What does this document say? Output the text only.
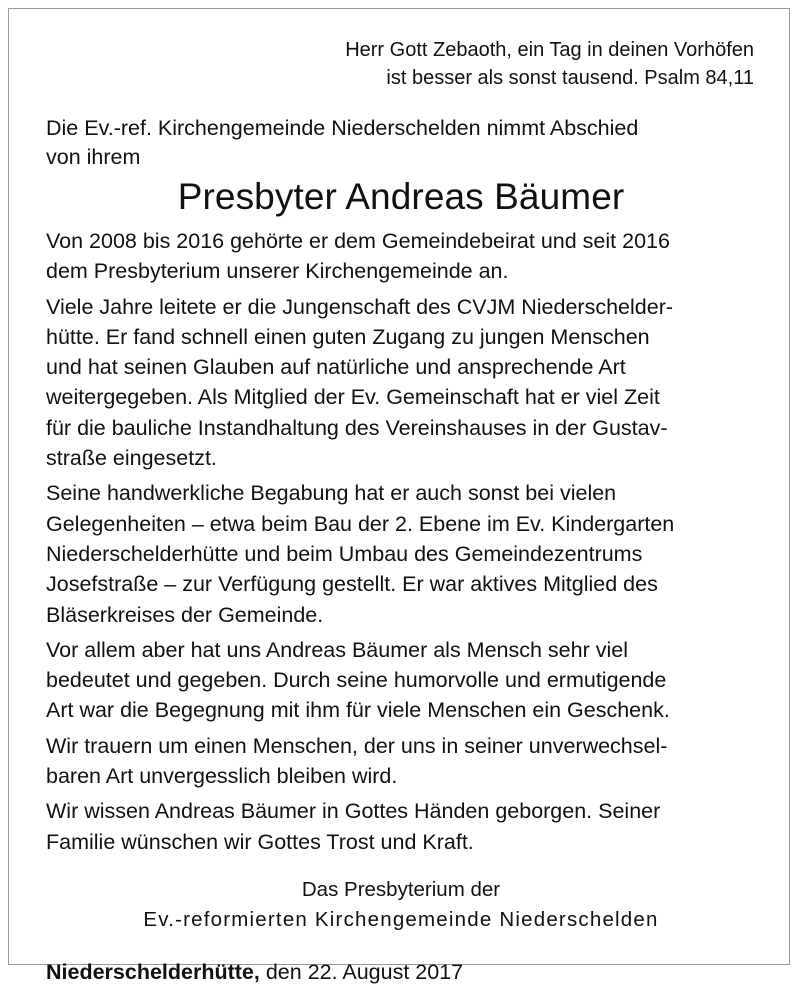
Herr Gott Zebaoth, ein Tag in deinen Vorhöfen
ist besser als sonst tausend. Psalm 84,11
Die Ev.-ref. Kirchengemeinde Niederschelden nimmt Abschied
von ihrem
Presbyter Andreas Bäumer
Von 2008 bis 2016 gehörte er dem Gemeindebeirat und seit 2016
dem Presbyterium unserer Kirchengemeinde an.
Viele Jahre leitete er die Jungenschaft des CVJM Niederschelder-
hütte. Er fand schnell einen guten Zugang zu jungen Menschen
und hat seinen Glauben auf natürliche und ansprechende Art
weitergegeben. Als Mitglied der Ev. Gemeinschaft hat er viel Zeit
für die bauliche Instandhaltung des Vereinshauses in der Gustav-
straße eingesetzt.
Seine handwerkliche Begabung hat er auch sonst bei vielen
Gelegenheiten – etwa beim Bau der 2. Ebene im Ev. Kindergarten
Niederschelderhütte und beim Umbau des Gemeindezentrums
Josefstraße – zur Verfügung gestellt. Er war aktives Mitglied des
Bläserkreises der Gemeinde.
Vor allem aber hat uns Andreas Bäumer als Mensch sehr viel
bedeutet und gegeben. Durch seine humorvolle und ermutigende
Art war die Begegnung mit ihm für viele Menschen ein Geschenk.
Wir trauern um einen Menschen, der uns in seiner unverwechsel-
baren Art unvergesslich bleiben wird.
Wir wissen Andreas Bäumer in Gottes Händen geborgen. Seiner
Familie wünschen wir Gottes Trost und Kraft.
Das Presbyterium der
Ev.-reformierten Kirchengemeinde Niederschelden
Niederschelderhütte, den 22. August 2017
